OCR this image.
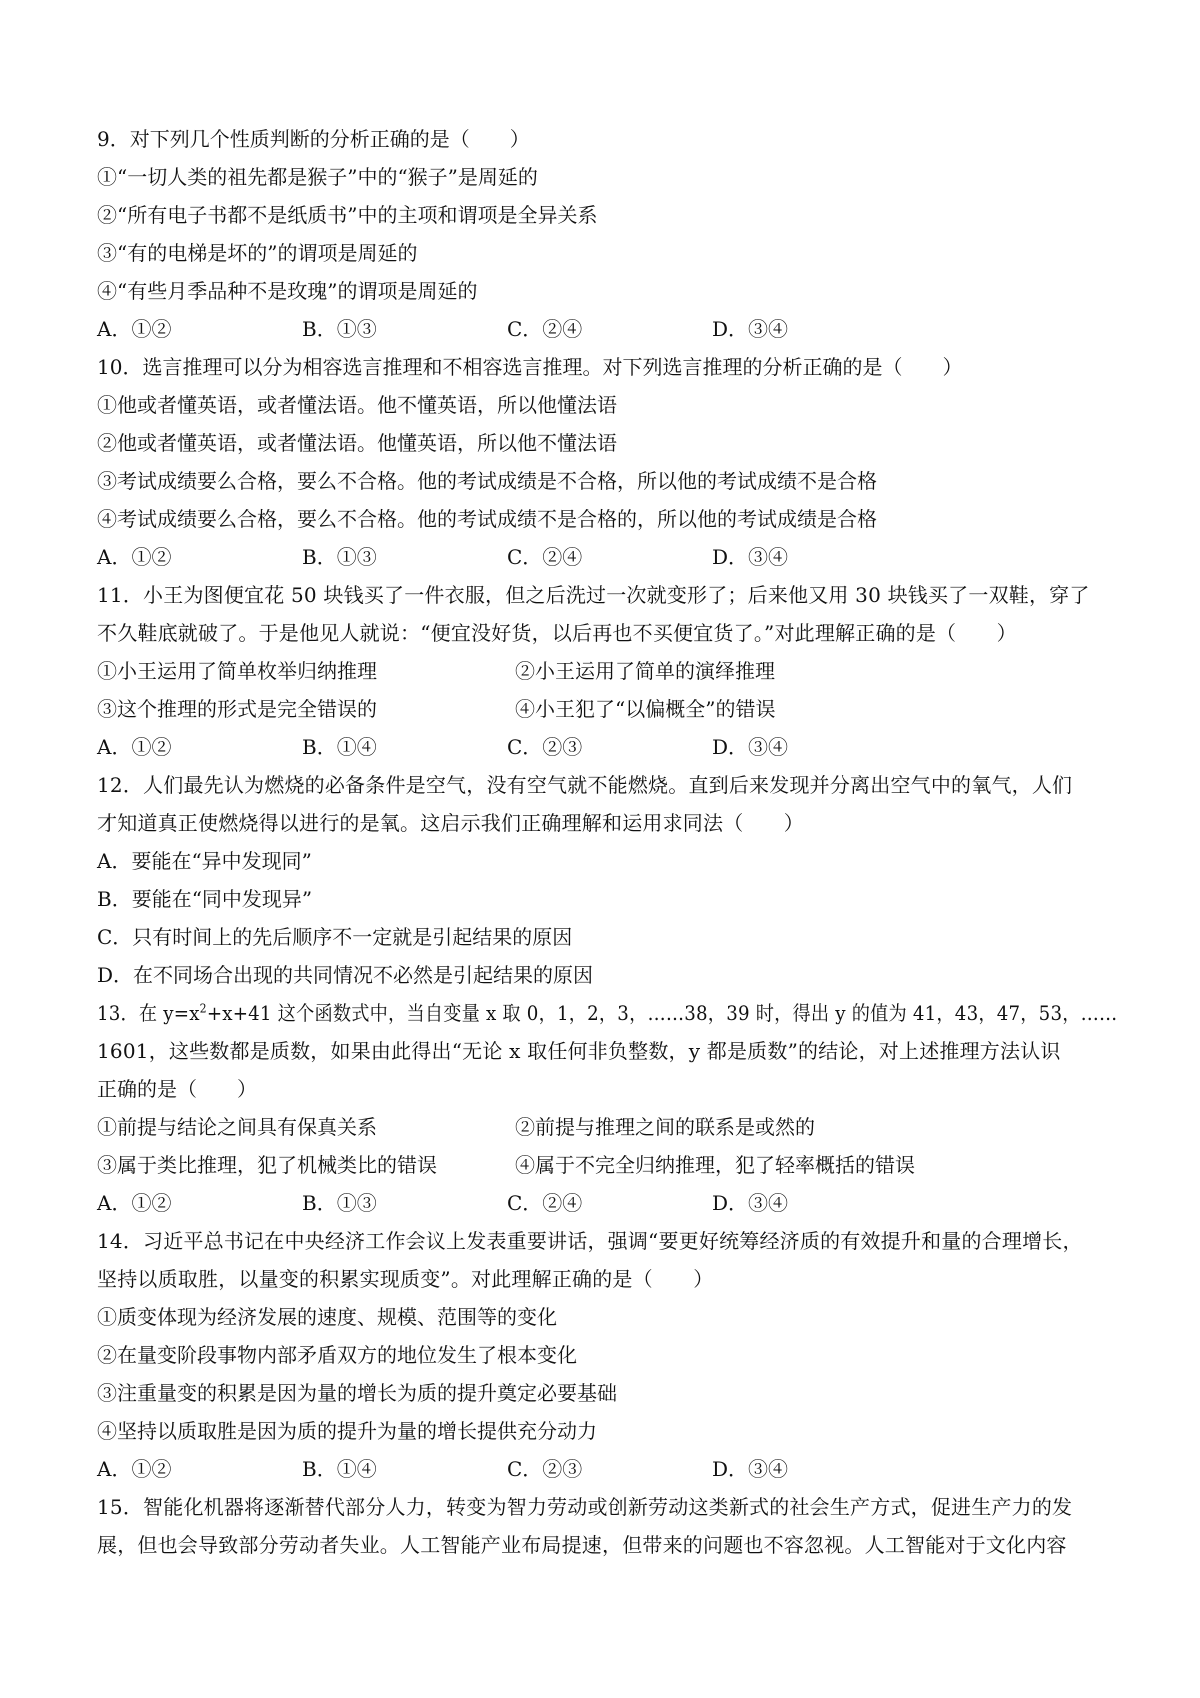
9．对下列几个性质判断的分析正确的是（　　）
①“一切人类的祖先都是猴子”中的“猴子”是周延的
②“所有电子书都不是纸质书”中的主项和谓项是全异关系
③“有的电梯是坏的”的谓项是周延的
④“有些月季品种不是玫瑰”的谓项是周延的
A．①②	B．①③	C．②④	D．③④
10．选言推理可以分为相容选言推理和不相容选言推理。对下列选言推理的分析正确的是（　　）
①他或者懂英语，或者懂法语。他不懂英语，所以他懂法语
②他或者懂英语，或者懂法语。他懂英语，所以他不懂法语
③考试成绩要么合格，要么不合格。他的考试成绩是不合格，所以他的考试成绩不是合格
④考试成绩要么合格，要么不合格。他的考试成绩不是合格的，所以他的考试成绩是合格
A．①②	B．①③	C．②④	D．③④
11．小王为图便宜花 50 块钱买了一件衣服，但之后洗过一次就变形了；后来他又用 30 块钱买了一双鞋，穿了
不久鞋底就破了。于是他见人就说：“便宜没好货，以后再也不买便宜货了。”对此理解正确的是（　　）
①小王运用了简单枚举归纳推理	②小王运用了简单的演绎推理
③这个推理的形式是完全错误的	④小王犯了“以偏概全”的错误
A．①②	B．①④	C．②③	D．③④
12．人们最先认为燃烧的必备条件是空气，没有空气就不能燃烧。直到后来发现并分离出空气中的氧气，人们
才知道真正使燃烧得以进行的是氧。这启示我们正确理解和运用求同法（　　）
A．要能在“异中发现同”
B．要能在“同中发现异”
C．只有时间上的先后顺序不一定就是引起结果的原因
D．在不同场合出现的共同情况不必然是引起结果的原因
13．在 $y=x^2+x+41$ 这个函数式中，当自变量 x 取 0，1，2，3，……38，39 时，得出 y 的值为 41，43，47，53，……
1601，这些数都是质数，如果由此得出“无论 x 取任何非负整数，y 都是质数”的结论，对上述推理方法认识
正确的是（　　）
①前提与结论之间具有保真关系	②前提与推理之间的联系是或然的
③属于类比推理，犯了机械类比的错误	④属于不完全归纳推理，犯了轻率概括的错误
A．①②	B．①③	C．②④	D．③④
14．习近平总书记在中央经济工作会议上发表重要讲话，强调“要更好统筹经济质的有效提升和量的合理增长，
坚持以质取胜，以量变的积累实现质变”。对此理解正确的是（　　）
①质变体现为经济发展的速度、规模、范围等的变化
②在量变阶段事物内部矛盾双方的地位发生了根本变化
③注重量变的积累是因为量的增长为质的提升奠定必要基础
④坚持以质取胜是因为质的提升为量的增长提供充分动力
A．①②	B．①④	C．②③	D．③④
15．智能化机器将逐渐替代部分人力，转变为智力劳动或创新劳动这类新式的社会生产方式，促进生产力的发
展，但也会导致部分劳动者失业。人工智能产业布局提速，但带来的问题也不容忽视。人工智能对于文化内容
